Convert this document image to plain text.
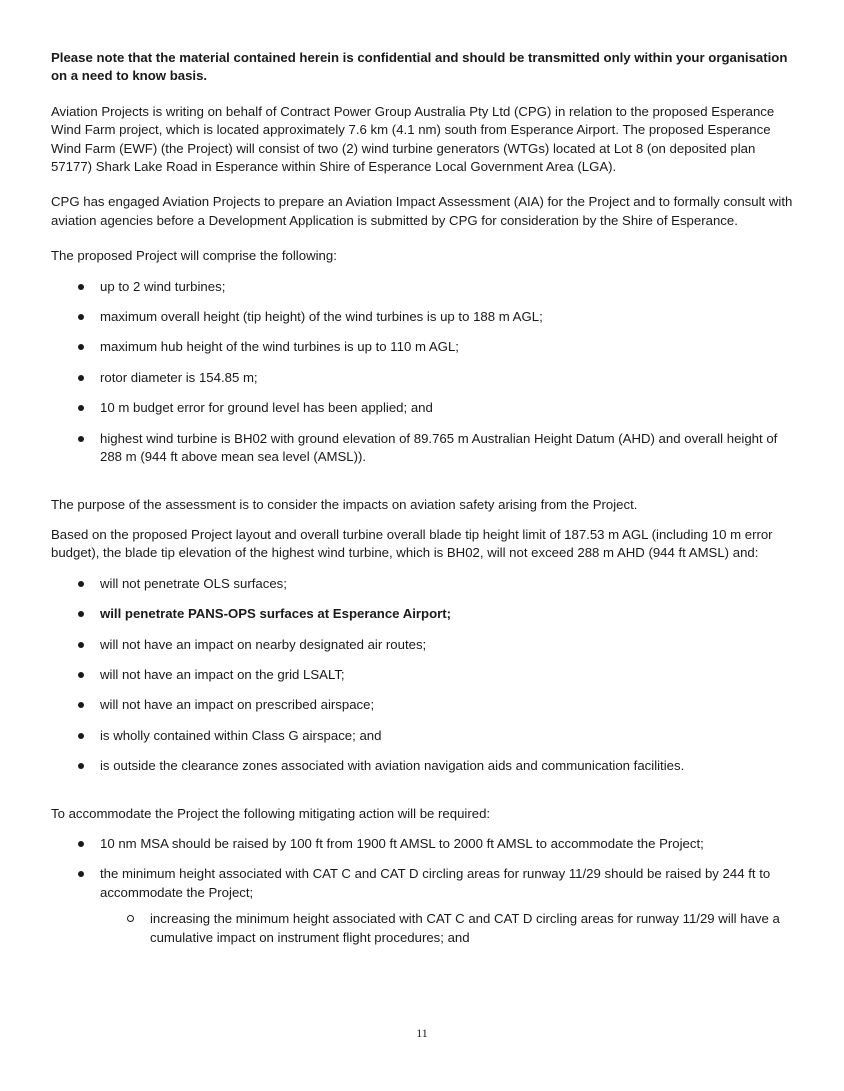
Please note that the material contained herein is confidential and should be transmitted only within your organisation on a need to know basis.

Aviation Projects is writing on behalf of Contract Power Group Australia Pty Ltd (CPG) in relation to the proposed Esperance Wind Farm project, which is located approximately 7.6 km (4.1 nm) south from Esperance Airport. The proposed Esperance Wind Farm (EWF) (the Project) will consist of two (2) wind turbine generators (WTGs) located at Lot 8 (on deposited plan 57177) Shark Lake Road in Esperance within Shire of Esperance Local Government Area (LGA).

CPG has engaged Aviation Projects to prepare an Aviation Impact Assessment (AIA) for the Project and to formally consult with aviation agencies before a Development Application is submitted by CPG for consideration by the Shire of Esperance.

The proposed Project will comprise the following:

up to 2 wind turbines;
maximum overall height (tip height) of the wind turbines is up to 188 m AGL;
maximum hub height of the wind turbines is up to 110 m AGL;
rotor diameter is 154.85 m;
10 m budget error for ground level has been applied; and
highest wind turbine is BH02 with ground elevation of 89.765 m Australian Height Datum (AHD) and overall height of 288 m (944 ft above mean sea level (AMSL)).

The purpose of the assessment is to consider the impacts on aviation safety arising from the Project.

Based on the proposed Project layout and overall turbine overall blade tip height limit of 187.53 m AGL (including 10 m error budget), the blade tip elevation of the highest wind turbine, which is BH02, will not exceed 288 m AHD (944 ft AMSL) and:

will not penetrate OLS surfaces;
will penetrate PANS-OPS surfaces at Esperance Airport;
will not have an impact on nearby designated air routes;
will not have an impact on the grid LSALT;
will not have an impact on prescribed airspace;
is wholly contained within Class G airspace; and
is outside the clearance zones associated with aviation navigation aids and communication facilities.

To accommodate the Project the following mitigating action will be required:

10 nm MSA should be raised by 100 ft from 1900 ft AMSL to 2000 ft AMSL to accommodate the Project;
the minimum height associated with CAT C and CAT D circling areas for runway 11/29 should be raised by 244 ft to accommodate the Project;
increasing the minimum height associated with CAT C and CAT D circling areas for runway 11/29 will have a cumulative impact on instrument flight procedures; and
11
